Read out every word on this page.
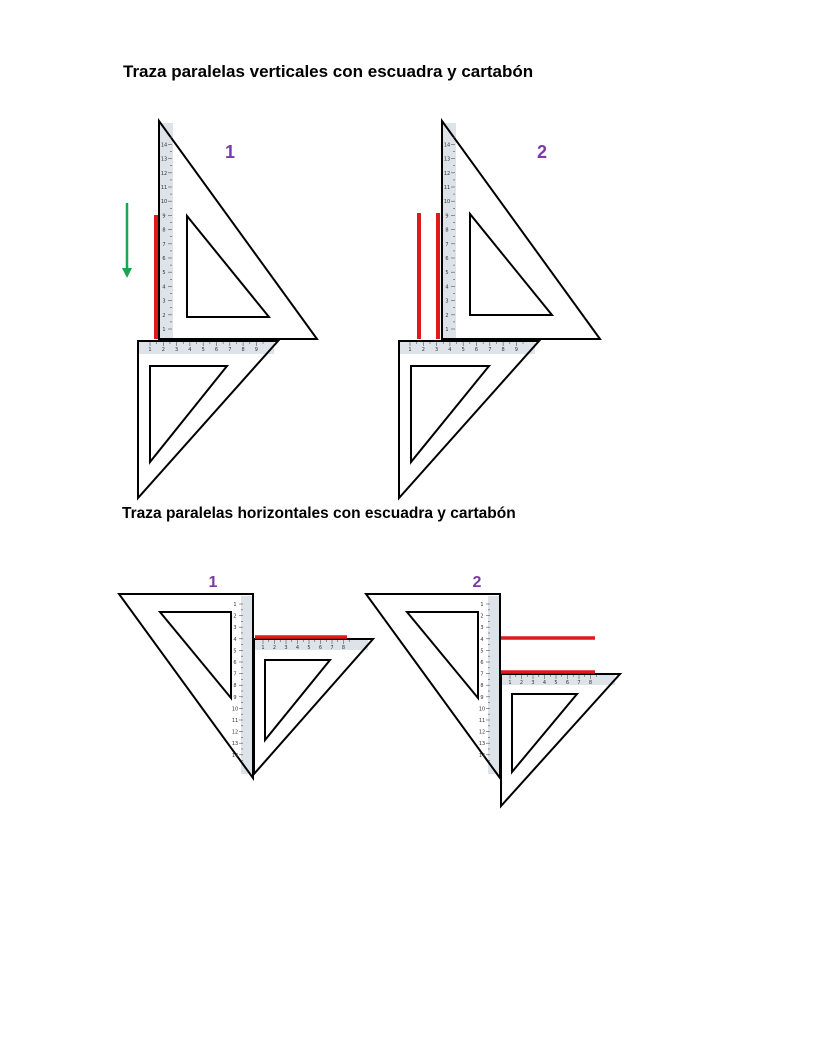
Traza paralelas verticales con escuadra y cartabón
Traza paralelas horizontales con escuadra y cartabón
1
2
3
4
5
6
7
8
9
10
11
12
13
14
1 2 3 4 5 6 7 8 9
1
1
2
3
4
5
6
7
8
9
10
11
12
13
14
1 2 3 4 5 6 7 8 9
2
1
2
3
4
5
6
7
8
9
10
11
12
13
14
1 2 3 4 5 6 7 8
1
1
2
3
4
5
6
7
8
9
10
11
12
13
14
1 2 3 4 5 6 7 8
2
